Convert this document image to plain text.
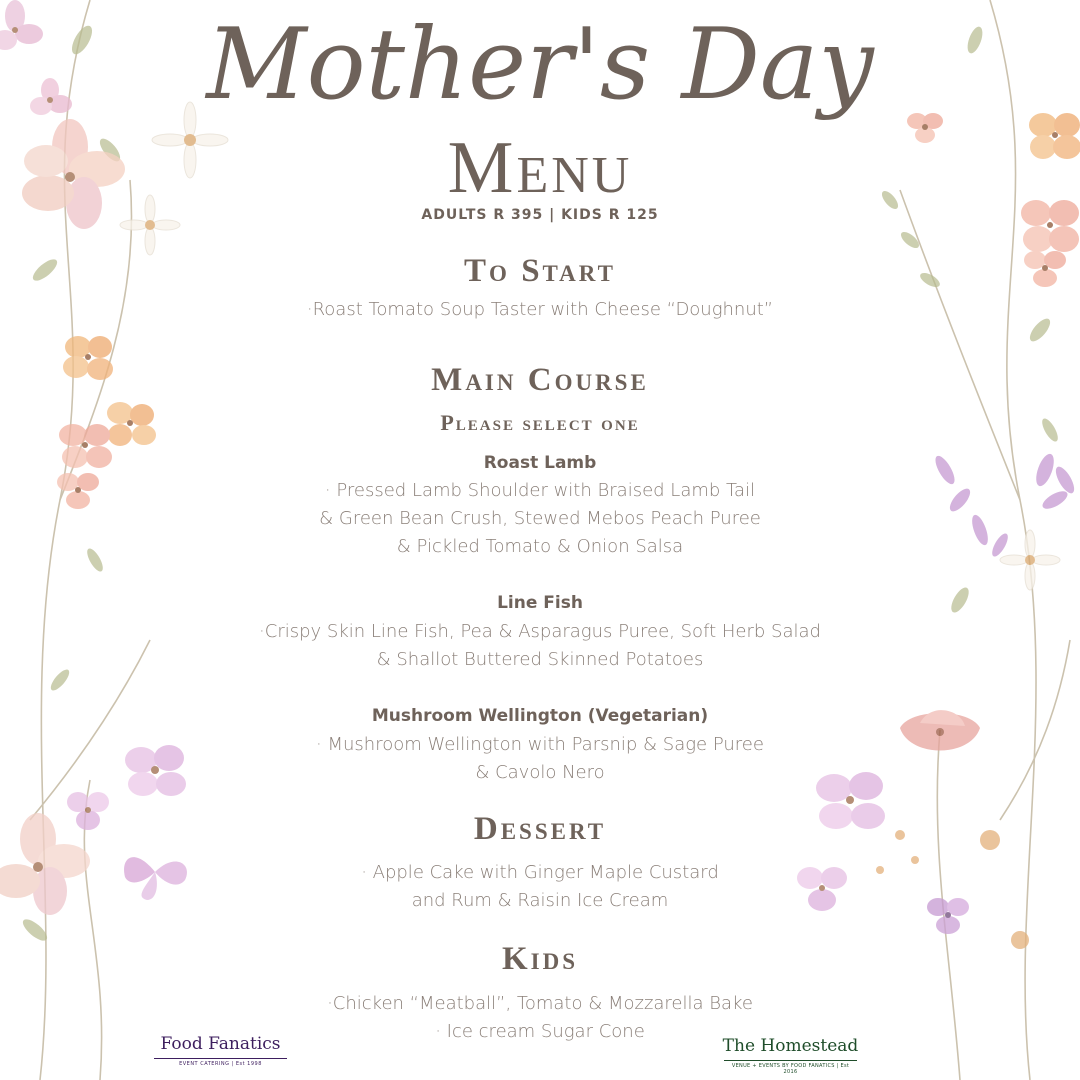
Mother's Day
Menu
ADULTS R 395 | KIDS R 125
To Start
·Roast Tomato Soup Taster with Cheese “Doughnut”
Main Course
Please select one
Roast Lamb
· Pressed Lamb Shoulder with Braised Lamb Tail
& Green Bean Crush, Stewed Mebos Peach Puree
& Pickled Tomato & Onion Salsa
Line Fish
·Crispy Skin Line Fish, Pea & Asparagus Puree, Soft Herb Salad
& Shallot Buttered Skinned Potatoes
Mushroom Wellington (Vegetarian)
· Mushroom Wellington with Parsnip & Sage Puree
& Cavolo Nero
Dessert
· Apple Cake with Ginger Maple Custard
and Rum & Raisin Ice Cream
Kids
·Chicken “Meatball”, Tomato & Mozzarella Bake
· Ice cream Sugar Cone
Food Fanatics
EVENT CATERING | Est 1998
The Homestead
VENUE + EVENTS BY FOOD FANATICS | Est 2016
